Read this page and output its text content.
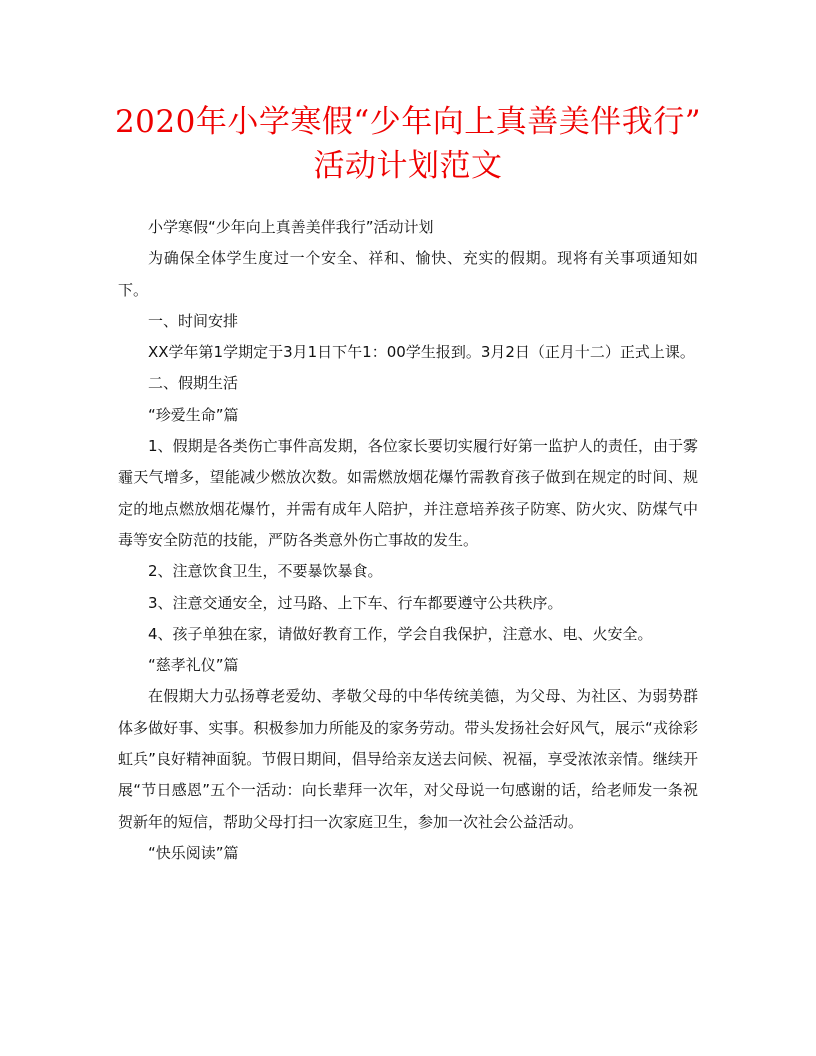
2020年小学寒假“少年向上真善美伴我行”
活动计划范文

小学寒假“少年向上真善美伴我行”活动计划

为确保全体学生度过一个安全、祥和、愉快、充实的假期。现将有关事项通知如下。

一、时间安排

XX学年第1学期定于3月1日下午1：00学生报到。3月2日（正月十二）正式上课。

二、假期生活

“珍爱生命”篇

1、假期是各类伤亡事件高发期，各位家长要切实履行好第一监护人的责任，由于雾霾天气增多，望能减少燃放次数。如需燃放烟花爆竹需教育孩子做到在规定的时间、规定的地点燃放烟花爆竹，并需有成年人陪护，并注意培养孩子防寒、防火灾、防煤气中毒等安全防范的技能，严防各类意外伤亡事故的发生。

2、注意饮食卫生，不要暴饮暴食。

3、注意交通安全，过马路、上下车、行车都要遵守公共秩序。

4、孩子单独在家，请做好教育工作，学会自我保护，注意水、电、火安全。

“慈孝礼仪”篇

在假期大力弘扬尊老爱幼、孝敬父母的中华传统美德，为父母、为社区、为弱势群体多做好事、实事。积极参加力所能及的家务劳动。带头发扬社会好风气，展示“戎徐彩虹兵”良好精神面貌。节假日期间，倡导给亲友送去问候、祝福，享受浓浓亲情。继续开展“节日感恩”五个一活动：向长辈拜一次年，对父母说一句感谢的话，给老师发一条祝贺新年的短信，帮助父母打扫一次家庭卫生，参加一次社会公益活动。

“快乐阅读”篇
